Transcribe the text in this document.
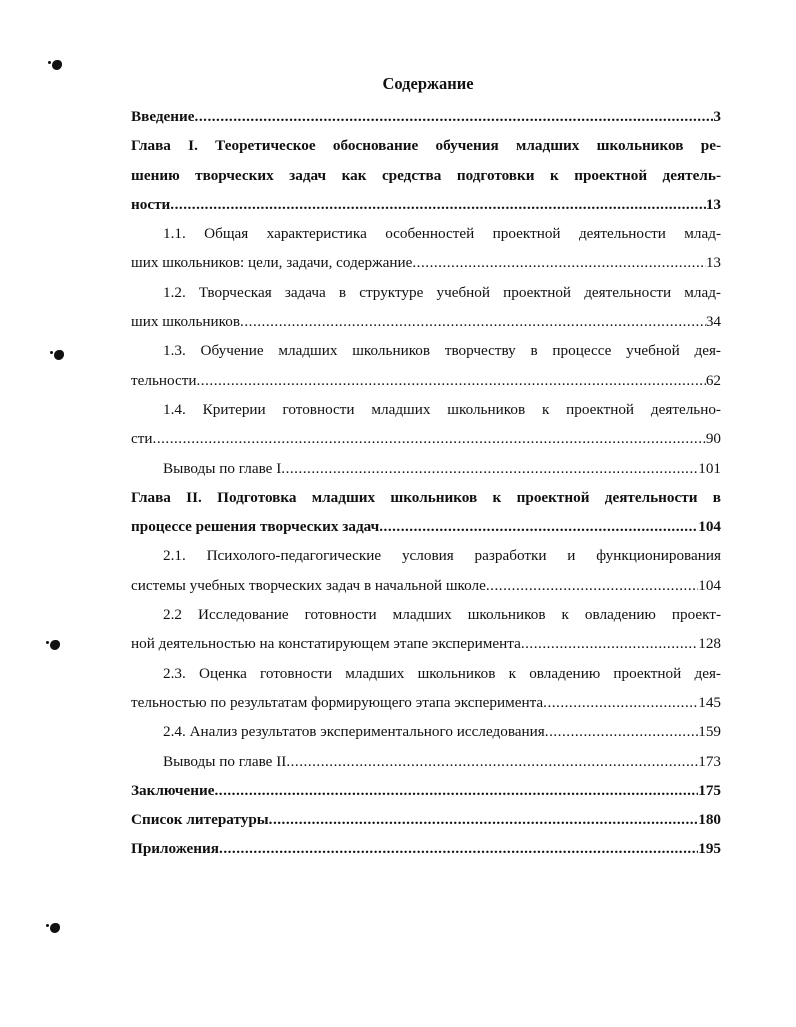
Содержание
Введение .....	3
Глава I. Теоретическое обоснование обучения младших школьников ре-
шению творческих задач как средства подготовки к проектной деятель-
ности .....	13
1.1. Общая характеристика особенностей проектной деятельности млад-
ших школьников: цели, задачи, содержание .....	13
1.2. Творческая задача в структуре учебной проектной деятельности млад-
ших школьников .....	34
1.3. Обучение младших школьников творчеству в процессе учебной дея-
тельности .....	62
1.4. Критерии готовности младших школьников к проектной деятельно-
сти .....	90
Выводы по главе I .....	101
Глава II. Подготовка младших школьников к проектной деятельности в
процессе решения творческих задач .....	104
2.1. Психолого-педагогические условия разработки и функционирования
системы учебных творческих задач в начальной школе .....	104
2.2 Исследование готовности младших школьников к овладению проект-
ной деятельностью на констатирующем этапе эксперимента .....	128
2.3. Оценка готовности младших школьников к овладению проектной дея-
тельностью по результатам формирующего этапа эксперимента .....	145
2.4. Анализ результатов экспериментального исследования .....	159
Выводы по главе II .....	173
Заключение .....	175
Список литературы .....	180
Приложения .....	195
